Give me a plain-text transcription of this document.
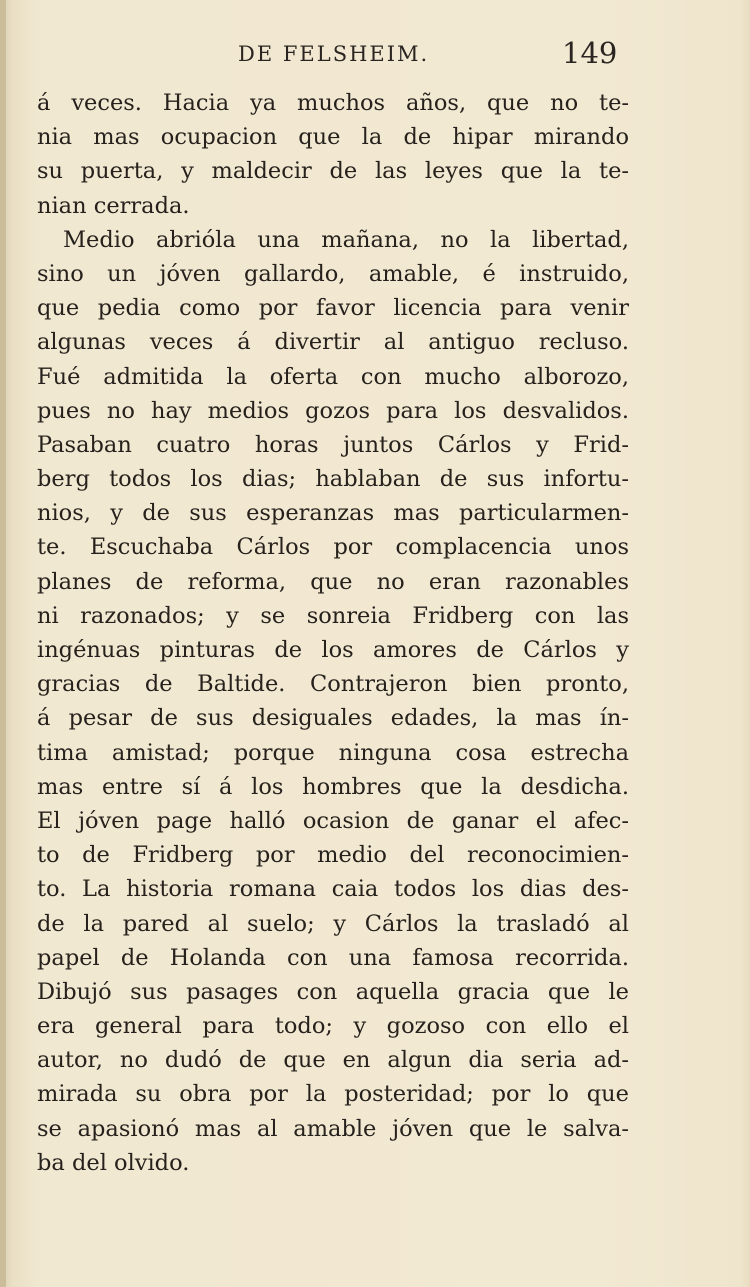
DE FELSHEIM.	149
á veces. Hacia ya muchos años, que no te-
nia mas ocupacion que la de hipar mirando
su puerta, y maldecir de las leyes que la te-
nian cerrada.
Medio abrióla una mañana, no la libertad,
sino un jóven gallardo, amable, é instruido,
que pedia como por favor licencia para venir
algunas veces á divertir al antiguo recluso.
Fué admitida la oferta con mucho alborozo,
pues no hay medios gozos para los desvalidos.
Pasaban cuatro horas juntos Cárlos y Frid-
berg todos los dias; hablaban de sus infortu-
nios, y de sus esperanzas mas particularmen-
te. Escuchaba Cárlos por complacencia unos
planes de reforma, que no eran razonables
ni razonados; y se sonreia Fridberg con las
ingénuas pinturas de los amores de Cárlos y
gracias de Baltide. Contrajeron bien pronto,
á pesar de sus desiguales edades, la mas ín-
tima amistad; porque ninguna cosa estrecha
mas entre sí á los hombres que la desdicha.
El jóven page halló ocasion de ganar el afec-
to de Fridberg por medio del reconocimien-
to. La historia romana caia todos los dias des-
de la pared al suelo; y Cárlos la trasladó al
papel de Holanda con una famosa recorrida.
Dibujó sus pasages con aquella gracia que le
era general para todo; y gozoso con ello el
autor, no dudó de que en algun dia seria ad-
mirada su obra por la posteridad; por lo que
se apasionó mas al amable jóven que le salva-
ba del olvido.
